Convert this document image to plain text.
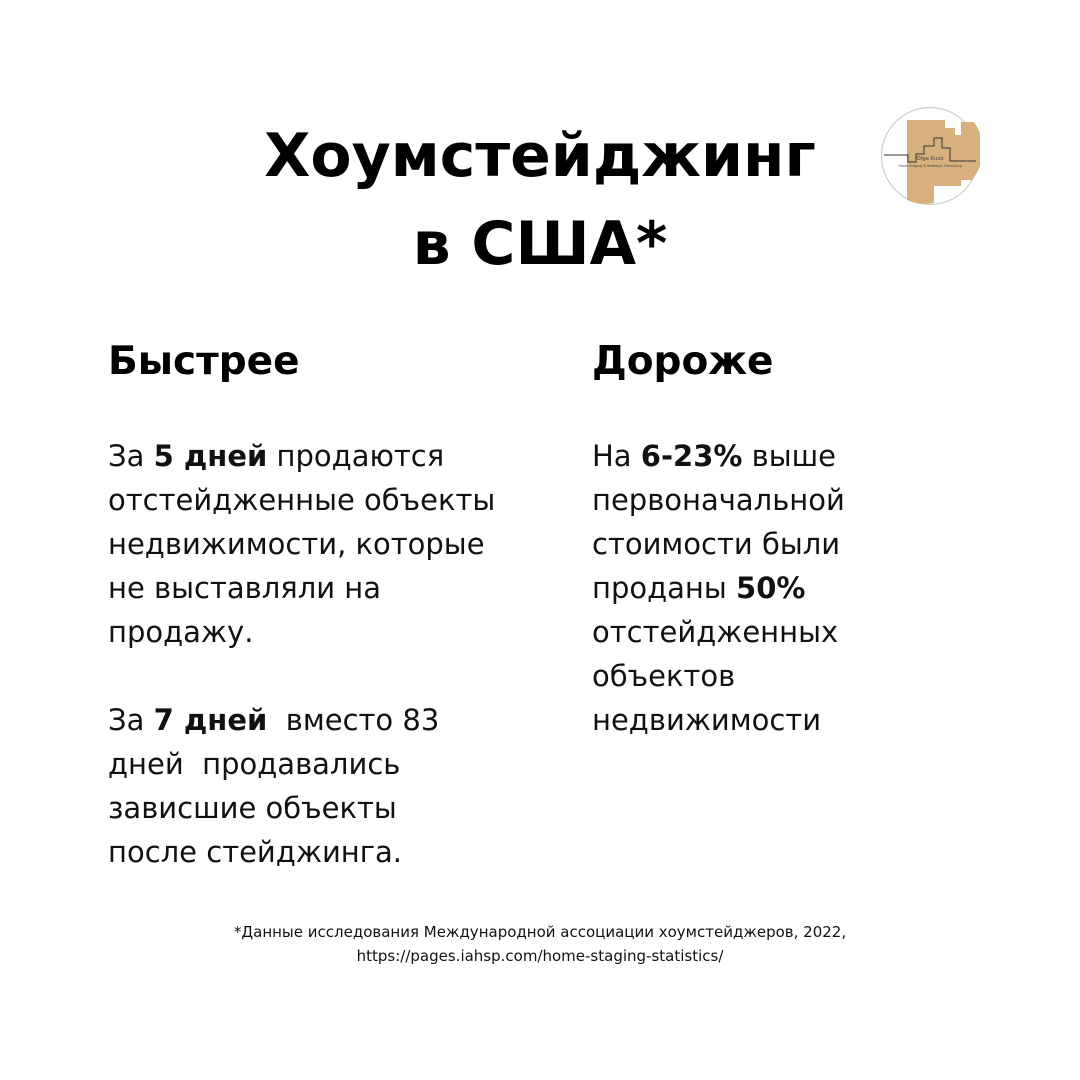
Хоумстейджинг
в США*
Olga Kuzo
Home Staging & Redesign Consulting
Быстрее	Дороже

За 5 дней продаются
отстейдженные объекты
недвижимости, которые
не выставляли на
продажу.

За 7 дней  вместо 83
дней  продавались
зависшие объекты
после стейджинга.

На 6-23% выше
первоначальной
стоимости были
проданы 50%
отстейдженных
объектов
недвижимости

*Данные исследования Международной ассоциации хоумстейджеров, 2022,
https://pages.iahsp.com/home-staging-statistics/
